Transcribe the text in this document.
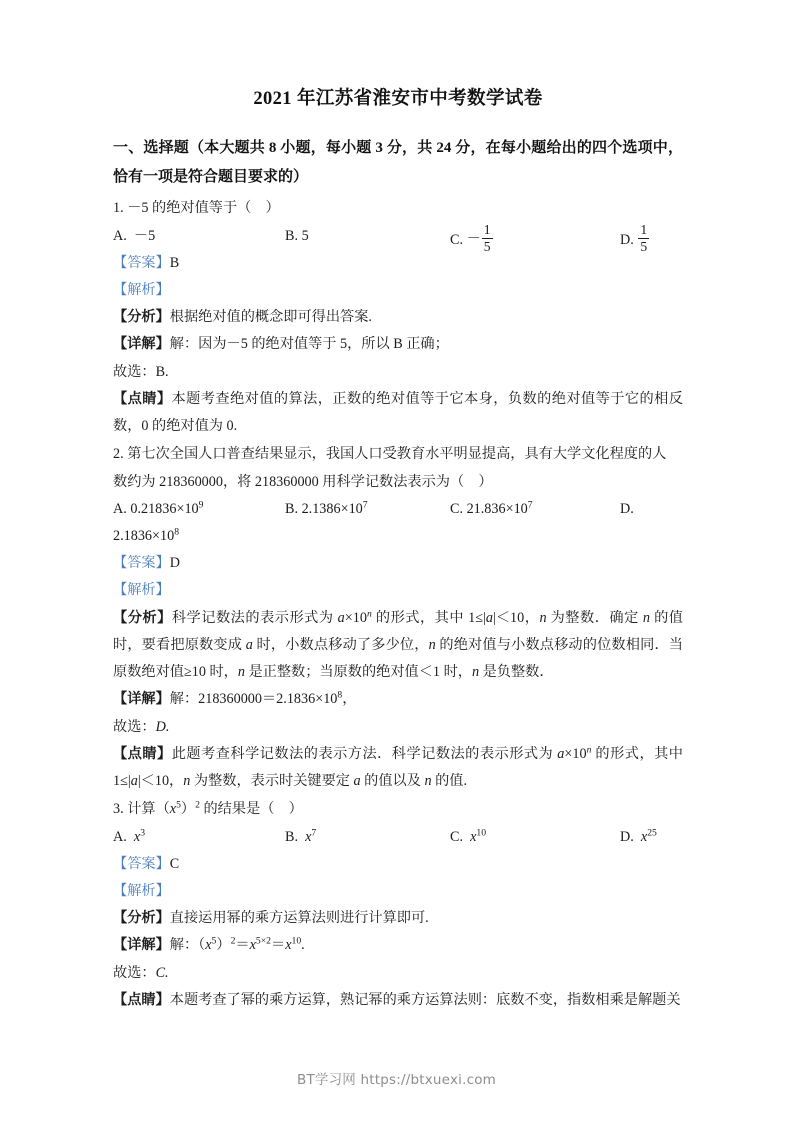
2021 年江苏省淮安市中考数学试卷
一、选择题（本大题共 8 小题，每小题 3 分，共 24 分，在每小题给出的四个选项中，恰有一项是符合题目要求的）
1. －5 的绝对值等于（ ）
A. －5	B. 5	C. － $\frac{1}{5}$	D. $\frac{1}{5}$
【答案】B
【解析】
【分析】根据绝对值的概念即可得出答案.
【详解】解：因为－5 的绝对值等于 5，所以 B 正确；
故选：B.
【点睛】本题考查绝对值的算法，正数的绝对值等于它本身，负数的绝对值等于它的相反数，0 的绝对值为 0.
2. 第七次全国人口普查结果显示，我国人口受教育水平明显提高，具有大学文化程度的人
数约为 218360000，将 218360000 用科学记数法表示为（ ）
A. $0.21836\times 10^9$	B. $2.1386\times 10^7$	C. $21.836\times 10^7$	D.
$2.1836\times 10^8$
【答案】D
【解析】
【分析】科学记数法的表示形式为 $a\times 10^n$ 的形式，其中 1≤|a|＜10，n 为整数．确定 n 的值时，要看把原数变成 a 时，小数点移动了多少位，n 的绝对值与小数点移动的位数相同．当原数绝对值≥10 时，n 是正整数；当原数的绝对值＜1 时，n 是负整数．
【详解】解：$218360000=2.1836\times 10^8$，
故选：D.
【点睛】此题考查科学记数法的表示方法．科学记数法的表示形式为 $a\times 10^n$ 的形式，其中 1≤|a|＜10，n 为整数，表示时关键要定 a 的值以及 n 的值.
3. 计算$(x^5)^2$ 的结果是（ ）
A. $x^3$	B. $x^7$	C. $x^{10}$	D. $x^{25}$
【答案】C
【解析】
【分析】直接运用幂的乘方运算法则进行计算即可.
【详解】解：$(x^5)^2=x^{5\times 2}=x^{10}$.
故选：C.
【点睛】本题考查了幂的乘方运算，熟记幂的乘方运算法则：底数不变，指数相乘是解题关
BT学习网 https://btxuexi.com
